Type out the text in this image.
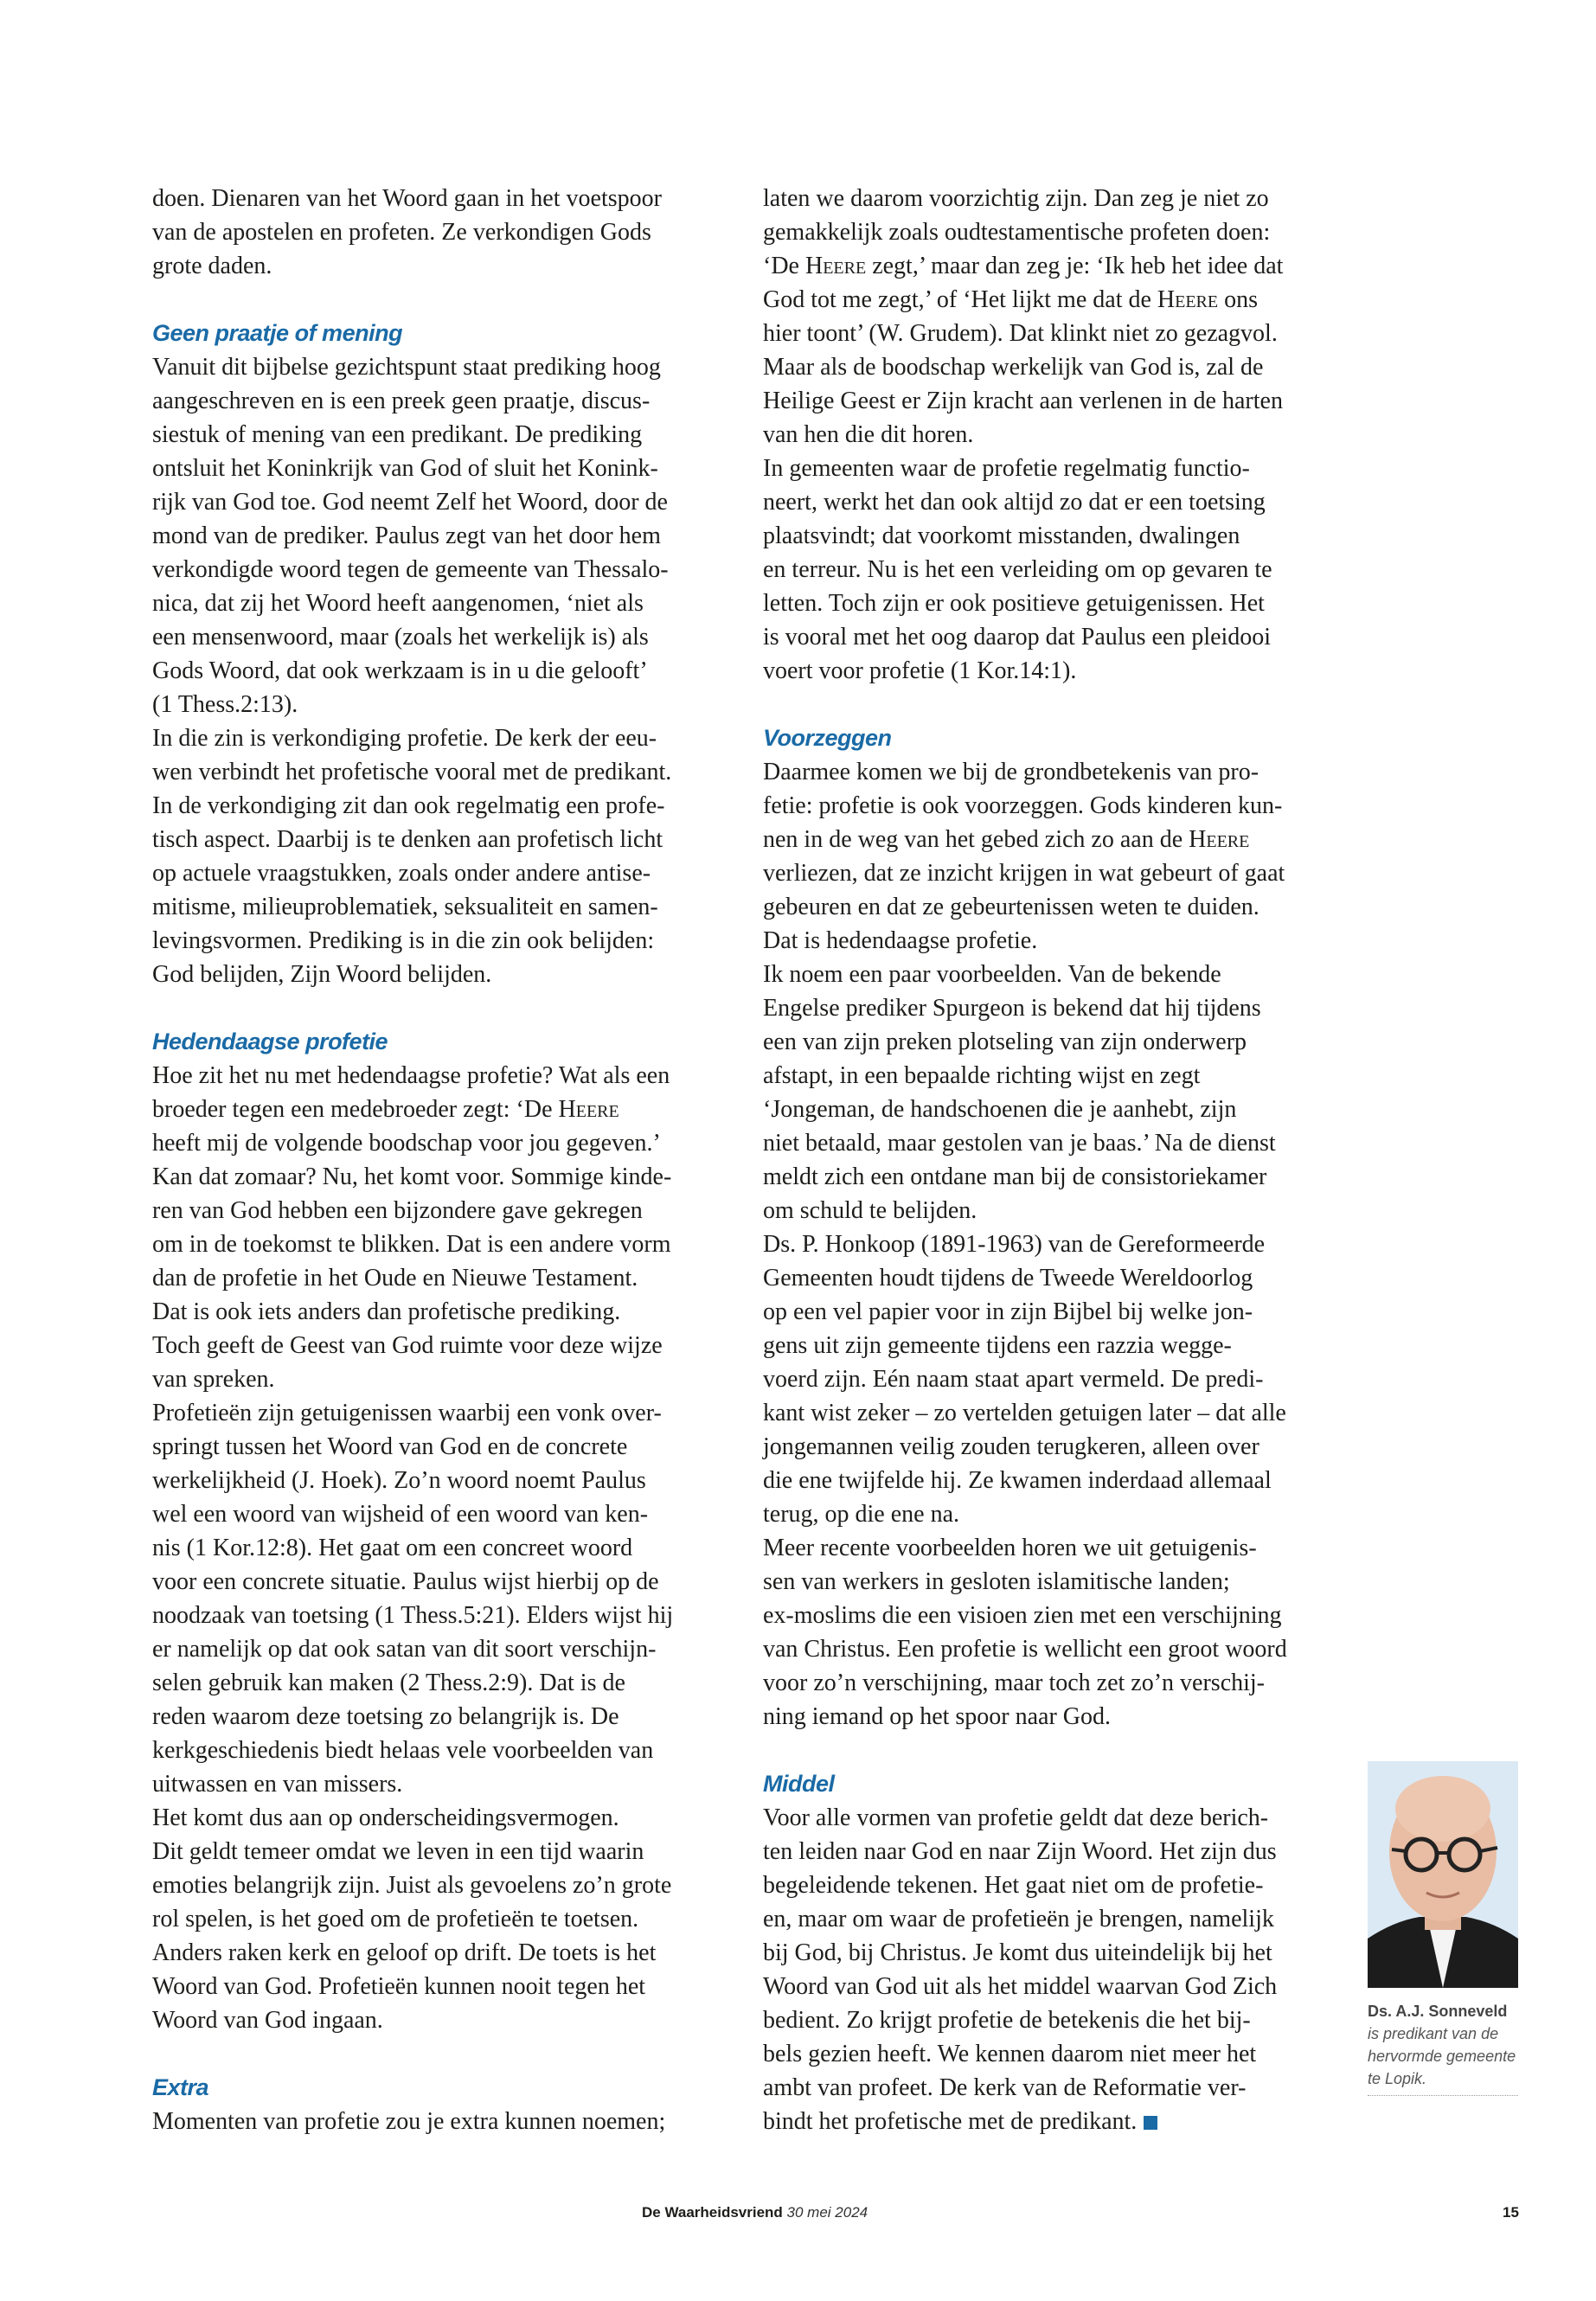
doen. Dienaren van het Woord gaan in het voetspoor
van de apostelen en profeten. Ze verkondigen Gods
grote daden.
Geen praatje of mening
Vanuit dit bijbelse gezichtspunt staat prediking hoog
aangeschreven en is een preek geen praatje, discus-
siestuk of mening van een predikant. De prediking
ontsluit het Koninkrijk van God of sluit het Konink-
rijk van God toe. God neemt Zelf het Woord, door de
mond van de prediker. Paulus zegt van het door hem
verkondigde woord tegen de gemeente van Thessalo-
nica, dat zij het Woord heeft aangenomen, ‘niet als
een mensenwoord, maar (zoals het werkelijk is) als
Gods Woord, dat ook werkzaam is in u die gelooft’
(1 Thess.2:13).
In die zin is verkondiging profetie. De kerk der eeu-
wen verbindt het profetische vooral met de predikant.
In de verkondiging zit dan ook regelmatig een profe-
tisch aspect. Daarbij is te denken aan profetisch licht
op actuele vraagstukken, zoals onder andere antise-
mitisme, milieuproblematiek, seksualiteit en samen-
levingsvormen. Prediking is in die zin ook belijden:
God belijden, Zijn Woord belijden.
Hedendaagse profetie
Hoe zit het nu met hedendaagse profetie? Wat als een
broeder tegen een medebroeder zegt: ‘De Heere
heeft mij de volgende boodschap voor jou gegeven.’
Kan dat zomaar? Nu, het komt voor. Sommige kinde-
ren van God hebben een bijzondere gave gekregen
om in de toekomst te blikken. Dat is een andere vorm
dan de profetie in het Oude en Nieuwe Testament.
Dat is ook iets anders dan profetische prediking.
Toch geeft de Geest van God ruimte voor deze wijze
van spreken.
Profetieën zijn getuigenissen waarbij een vonk over-
springt tussen het Woord van God en de concrete
werkelijkheid (J. Hoek). Zo’n woord noemt Paulus
wel een woord van wijsheid of een woord van ken-
nis (1 Kor.12:8). Het gaat om een concreet woord
voor een concrete situatie. Paulus wijst hierbij op de
noodzaak van toetsing (1 Thess.5:21). Elders wijst hij
er namelijk op dat ook satan van dit soort verschijn-
selen gebruik kan maken (2 Thess.2:9). Dat is de
reden waarom deze toetsing zo belangrijk is. De
kerkgeschiedenis biedt helaas vele voorbeelden van
uitwassen en van missers.
Het komt dus aan op onderscheidingsvermogen.
Dit geldt temeer omdat we leven in een tijd waarin
emoties belangrijk zijn. Juist als gevoelens zo’n grote
rol spelen, is het goed om de profetieën te toetsen.
Anders raken kerk en geloof op drift. De toets is het
Woord van God. Profetieën kunnen nooit tegen het
Woord van God ingaan.
Extra
Momenten van profetie zou je extra kunnen noemen;
laten we daarom voorzichtig zijn. Dan zeg je niet zo
gemakkelijk zoals oudtestamentische profeten doen:
‘De Heere zegt,’ maar dan zeg je: ‘Ik heb het idee dat
God tot me zegt,’ of ‘Het lijkt me dat de Heere ons
hier toont’ (W. Grudem). Dat klinkt niet zo gezagvol.
Maar als de boodschap werkelijk van God is, zal de
Heilige Geest er Zijn kracht aan verlenen in de harten
van hen die dit horen.
In gemeenten waar de profetie regelmatig functio-
neert, werkt het dan ook altijd zo dat er een toetsing
plaatsvindt; dat voorkomt misstanden, dwalingen
en terreur. Nu is het een verleiding om op gevaren te
letten. Toch zijn er ook positieve getuigenissen. Het
is vooral met het oog daarop dat Paulus een pleidooi
voert voor profetie (1 Kor.14:1).
Voorzeggen
Daarmee komen we bij de grondbetekenis van pro-
fetie: profetie is ook voorzeggen. Gods kinderen kun-
nen in de weg van het gebed zich zo aan de Heere
verliezen, dat ze inzicht krijgen in wat gebeurt of gaat
gebeuren en dat ze gebeurtenissen weten te duiden.
Dat is hedendaagse profetie.
Ik noem een paar voorbeelden. Van de bekende
Engelse prediker Spurgeon is bekend dat hij tijdens
een van zijn preken plotseling van zijn onderwerp
afstapt, in een bepaalde richting wijst en zegt
‘Jongeman, de handschoenen die je aanhebt, zijn
niet betaald, maar gestolen van je baas.’ Na de dienst
meldt zich een ontdane man bij de consistoriekamer
om schuld te belijden.
Ds. P. Honkoop (1891-1963) van de Gereformeerde
Gemeenten houdt tijdens de Tweede Wereldoorlog
op een vel papier voor in zijn Bijbel bij welke jon-
gens uit zijn gemeente tijdens een razzia wegge-
voerd zijn. Eén naam staat apart vermeld. De predi-
kant wist zeker – zo vertelden getuigen later – dat alle
jongemannen veilig zouden terugkeren, alleen over
die ene twijfelde hij. Ze kwamen inderdaad allemaal
terug, op die ene na.
Meer recente voorbeelden horen we uit getuigenis-
sen van werkers in gesloten islamitische landen;
ex-moslims die een visioen zien met een verschijning
van Christus. Een profetie is wellicht een groot woord
voor zo’n verschijning, maar toch zet zo’n verschij-
ning iemand op het spoor naar God.
Middel
Voor alle vormen van profetie geldt dat deze berich-
ten leiden naar God en naar Zijn Woord. Het zijn dus
begeleidende tekenen. Het gaat niet om de profetie-
en, maar om waar de profetieën je brengen, namelijk
bij God, bij Christus. Je komt dus uiteindelijk bij het
Woord van God uit als het middel waarvan God Zich
bedient. Zo krijgt profetie de betekenis die het bij-
bels gezien heeft. We kennen daarom niet meer het
ambt van profeet. De kerk van de Reformatie ver-
bindt het profetische met de predikant.
Ds. A.J. Sonneveld
is predikant van de
hervormde gemeente
te Lopik.
De Waarheidsvriend 30 mei 2024	15
